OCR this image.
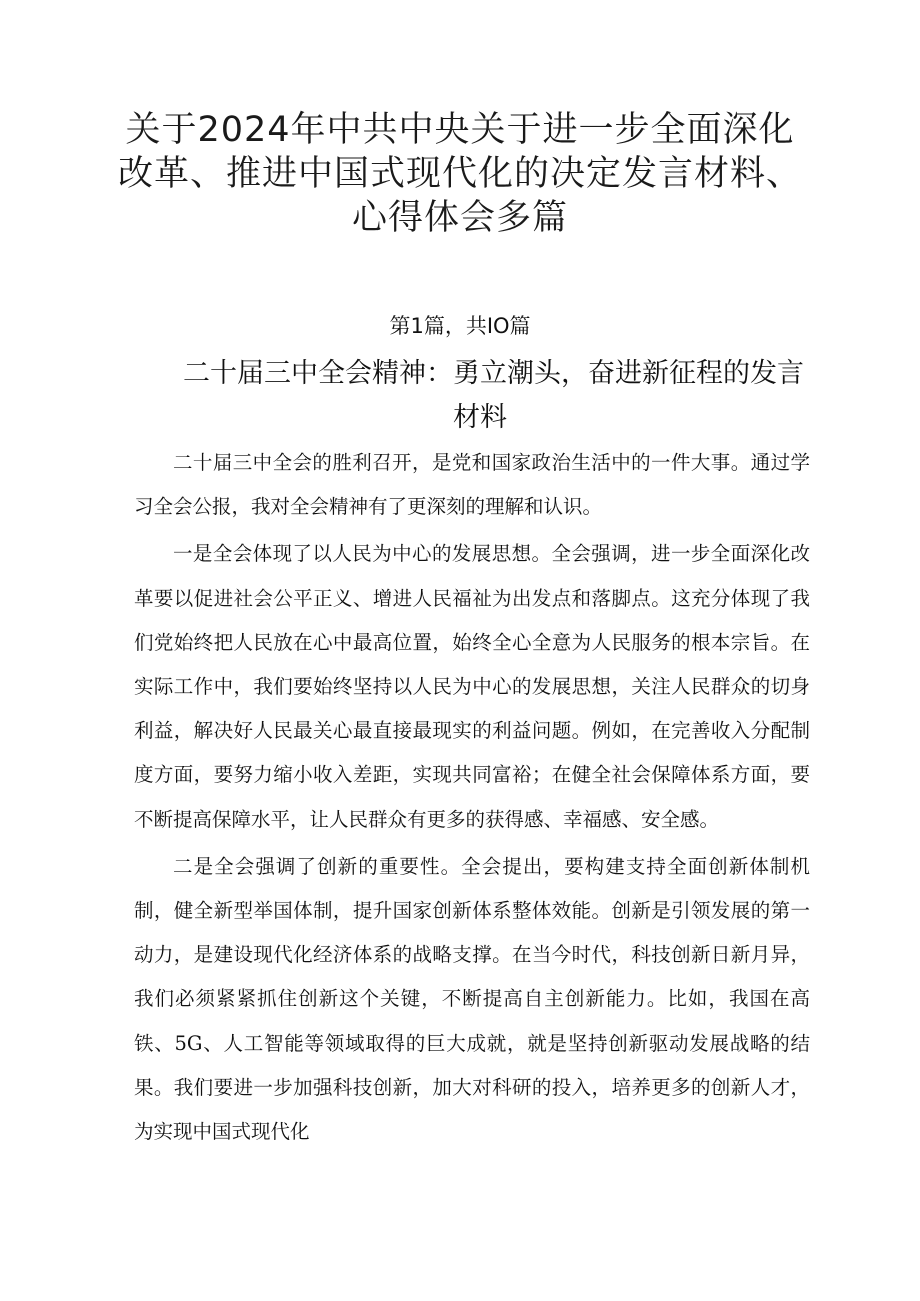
关于2024年中共中央关于进一步全面深化
改革、推进中国式现代化的决定发言材料、
心得体会多篇
第1篇，共IO篇
二十届三中全会精神：勇立潮头，奋进新征程的发言
材料

二十届三中全会的胜利召开，是党和国家政治生活中的一件大事。通过学习全会公报，我对全会精神有了更深刻的理解和认识。

一是全会体现了以人民为中心的发展思想。全会强调，进一步全面深化改革要以促进社会公平正义、增进人民福祉为出发点和落脚点。这充分体现了我们党始终把人民放在心中最高位置，始终全心全意为人民服务的根本宗旨。在实际工作中，我们要始终坚持以人民为中心的发展思想，关注人民群众的切身利益，解决好人民最关心最直接最现实的利益问题。例如，在完善收入分配制度方面，要努力缩小收入差距，实现共同富裕；在健全社会保障体系方面，要不断提高保障水平，让人民群众有更多的获得感、幸福感、安全感。

二是全会强调了创新的重要性。全会提出，要构建支持全面创新体制机制，健全新型举国体制，提升国家创新体系整体效能。创新是引领发展的第一动力，是建设现代化经济体系的战略支撑。在当今时代，科技创新日新月异，我们必须紧紧抓住创新这个关键，不断提高自主创新能力。比如，我国在高铁、5G、人工智能等领域取得的巨大成就，就是坚持创新驱动发展战略的结果。我们要进一步加强科技创新，加大对科研的投入，培养更多的创新人才，为实现中国式现代化
